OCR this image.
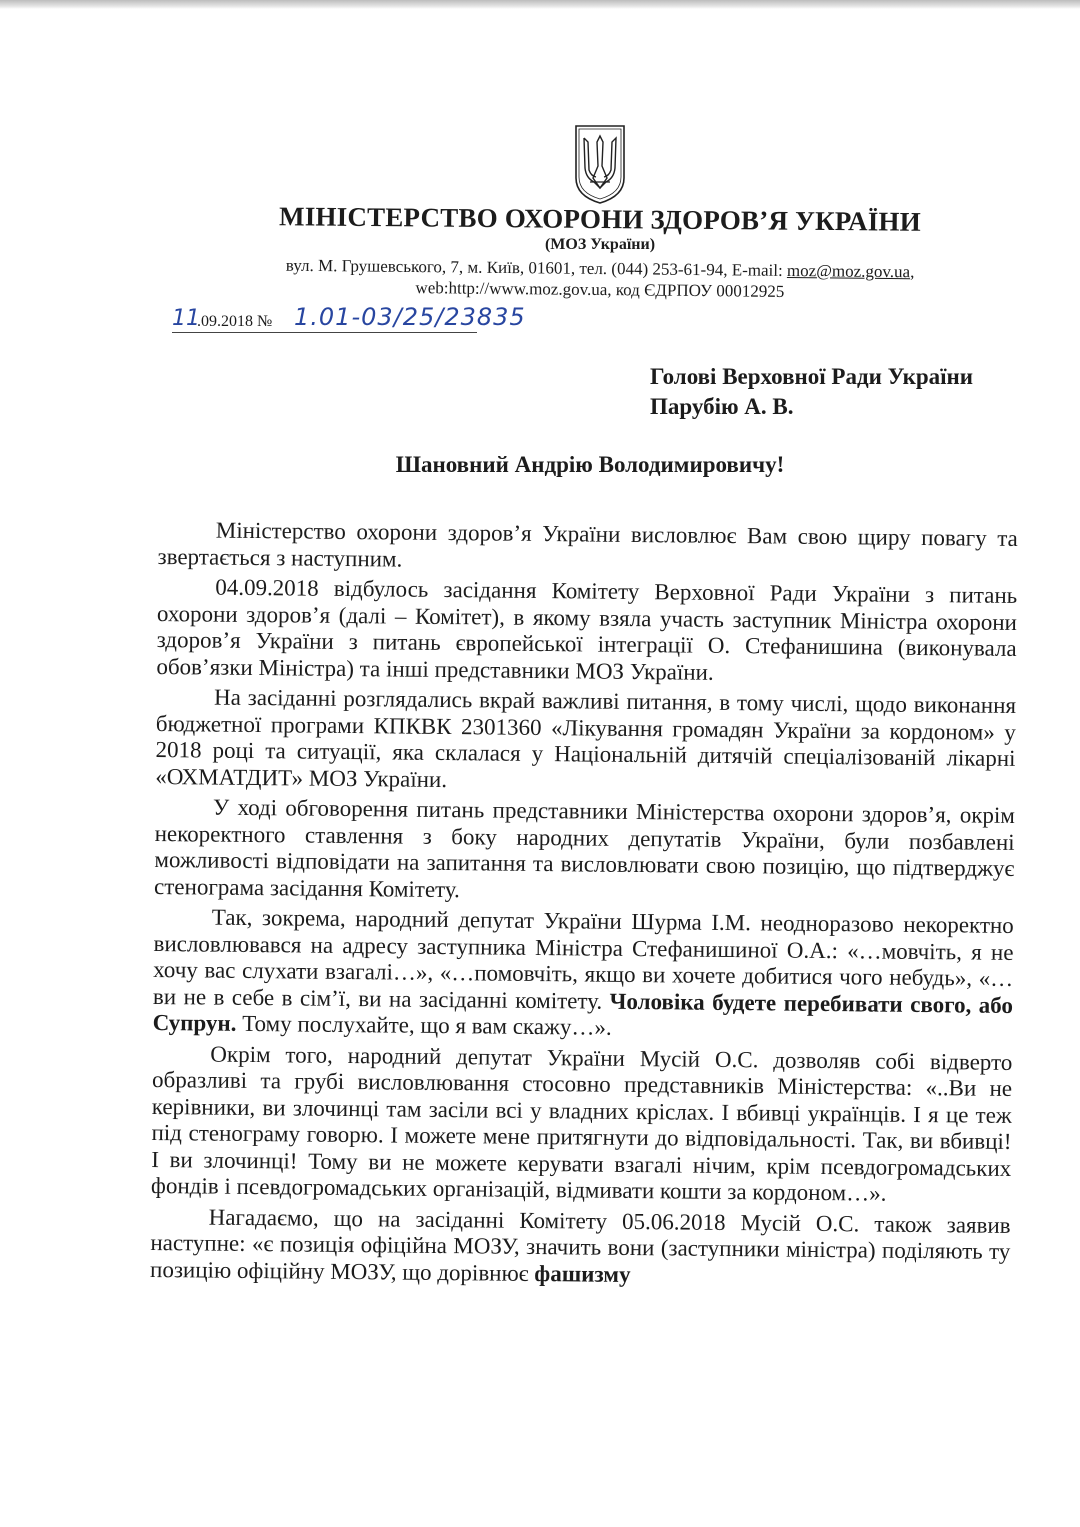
МІНІСТЕРСТВО ОХОРОНИ ЗДОРОВ’Я УКРАЇНИ
(МОЗ України)
вул. М. Грушевського, 7, м. Київ, 01601, тел. (044) 253-61-94, E-mail: moz@moz.gov.ua,
web:http://www.moz.gov.ua, код ЄДРПОУ 00012925
11
.09.2018 № 1.01-03/25/23835
Голові Верховної Ради України
Парубію А. В.
Шановний Андрію Володимировичу!

Міністерство охорони здоров’я України висловлює Вам свою щиру повагу та звертається з наступним.

04.09.2018 відбулось засідання Комітету Верховної Ради України з питань охорони здоров’я (далі – Комітет), в якому взяла участь заступник Міністра охорони здоров’я України з питань європейської інтеграції О. Стефанишина (виконувала обов’язки Міністра) та інші представники МОЗ України.

На засіданні розглядались вкрай важливі питання, в тому числі, щодо виконання бюджетної програми КПКВК 2301360 «Лікування громадян України за кордоном» у 2018 році та ситуації, яка склалася у Національній дитячій спеціалізованій лікарні «ОХМАТДИТ» МОЗ України.

У ході обговорення питань представники Міністерства охорони здоров’я, окрім некоректного ставлення з боку народних депутатів України, були позбавлені можливості відповідати на запитання та висловлювати свою позицію, що підтверджує стенограма засідання Комітету.

Так, зокрема, народний депутат України Шурма І.М. неодноразово некоректно висловлювався на адресу заступника Міністра Стефанишиної О.А.: «…мовчіть, я не хочу вас слухати взагалі…», «…помовчіть, якщо ви хочете добитися чого небудь», «… ви не в себе в сім’ї, ви на засіданні комітету. Чоловіка будете перебивати свого, або Супрун. Тому послухайте, що я вам скажу…».

Окрім того, народний депутат України Мусій О.С. дозволяв собі відверто образливі та грубі висловлювання стосовно представників Міністерства: «..Ви не керівники, ви злочинці там засіли всі у владних кріслах. І вбивці українців. І я це теж під стенограму говорю. І можете мене притягнути до відповідальності. Так, ви вбивці! І ви злочинці! Тому ви не можете керувати взагалі нічим, крім псевдогромадських фондів і псевдогромадських організацій, відмивати кошти за кордоном…».

Нагадаємо, що на засіданні Комітету 05.06.2018 Мусій О.С. також заявив наступне: «є позиція офіційна МОЗУ, значить вони (заступники міністра) поділяють ту позицію офіційну МОЗУ, що дорівнює фашизму
